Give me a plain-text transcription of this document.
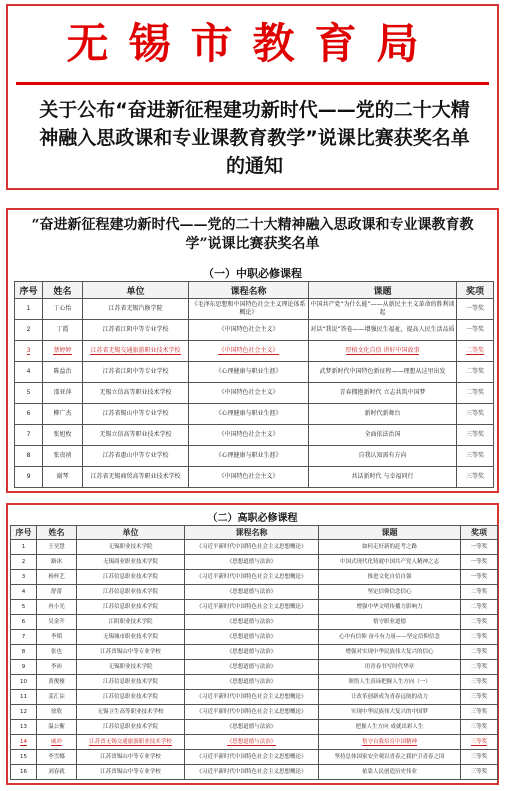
无锡市教育局
关于公布“奋进新征程建功新时代——党的二十大精神融入思政课和专业课教育教学”说课比赛获奖名单的通知
“奋进新征程建功新时代——党的二十大精神融入思政课和专业课教育教学”说课比赛获奖名单
（一）中职必修课程
序号	姓名	单位	课程名称	课题	奖项
1	丁心怡	江苏省无锡汽修学院	《毛泽东思想和中国特色社会主义理论体系概论》	中国共产党“为什么能”——从新民主主义革命的胜利谈起	一等奖
2	丁霞	江苏省江阴中等专业学校	《中国特色社会主义》	对话“我说”答卷——增强民生福祉，提高人民生活品质	一等奖
3	蔡婷婷	江苏省无锡交通旅游职业技术学校	《中国特色社会主义》	厚植文化自信 讲好中国故事	二等奖
4	陈益治	江苏省江阴中等专业学校	《心理健康与职业生涯》	武梦新时代中国特色新征程——理想从这里出发	二等奖
5	邵亚萍	无锡立信高等职业技术学校	《中国特色社会主义》	青春拥抱新时代 立志共筑中国梦	二等奖
6	柳广杰	江苏省锡山中等专业学校	《心理健康与职业生涯》	新时代新舞台	三等奖
7	张旭枚	无锡立信高等职业技术学校	《中国特色社会主义》	全面依法治国	三等奖
8	张贵祯	江苏省惠山中等专业学校	《心理健康与职业生涯》	自我认知需有方向	三等奖
9	谢琴	江苏省无锡商贸高等职业技术学校	《中国特色社会主义》	共话新时代 与幸福同行	三等奖
（二）高职必修课程
序号	姓名	单位	课程名称	课题	奖项
1	王昊慧	无锡职业技术学院	《习近平新时代中国特色社会主义思想概论》	如何走好新的赶考之路	一等奖
2	路冰	无锡商业职业技术学院	《思想道德与法治》	中国式现代化铸就中国共产党人精神之志	一等奖
3	杨梓艺	江苏信息职业技术学院	《习近平新时代中国特色社会主义思想概论》	推进文化自信自强	一等奖
4	舒蕾	江苏信息职业技术学院	《思想道德与法治》	坚定信仰信念信心	二等奖
5	冉小光	江苏信息职业技术学院	《习近平新时代中国特色社会主义思想概论》	增强中华文明传播力影响力	二等奖
6	吴金升	江阴职业技术学院	《思想道德与法治》	恪守职业道德	二等奖
7	李韬	无锡城市职业技术学院	《思想道德与法治》	心中有信仰 奋斗有力量——坚定信仰信念	二等奖
8	张也	江苏省锡山中等专业学校	《思想道德与法治》	增强对实现中华民族伟大复兴的信心	二等奖
9	李沛	无锡职业技术学院	《思想道德与法治》	用青春书写时代华章	二等奖
10	黄俊雅	江苏信息职业技术学院	《思想道德与法治》	领悟人生真谛把握人生方向（一）	三等奖
11	姜汇淙	江苏信息职业技术学院	《习近平新时代中国特色社会主义思想概论》	让改革创新成为青春远航的动力	三等奖
12	徐欣	无锡卫生高等职业技术学校	《习近平新时代中国特色社会主义思想概论》	实现中华民族伟大复兴的中国梦	三等奖
13	温公衡	江苏信息职业技术学院	《思想道德与法治》	把握人生方向 成就出彩人生	三等奖
14	戚冲	江苏省无锡交通旅游职业技术学校	《思想道德与法治》	恪守自我培育中国精神	三等奖
15	李雪娜	江苏省锡山中等专业学校	《习近平新时代中国特色社会主义思想概论》	坚持总体国家安全观以青春之我护卫青春之国	三等奖
16	刘春就	江苏省锡山中等专业学校	《习近平新时代中国特色社会主义思想概论》	依靠人民创造历史伟业	三等奖
